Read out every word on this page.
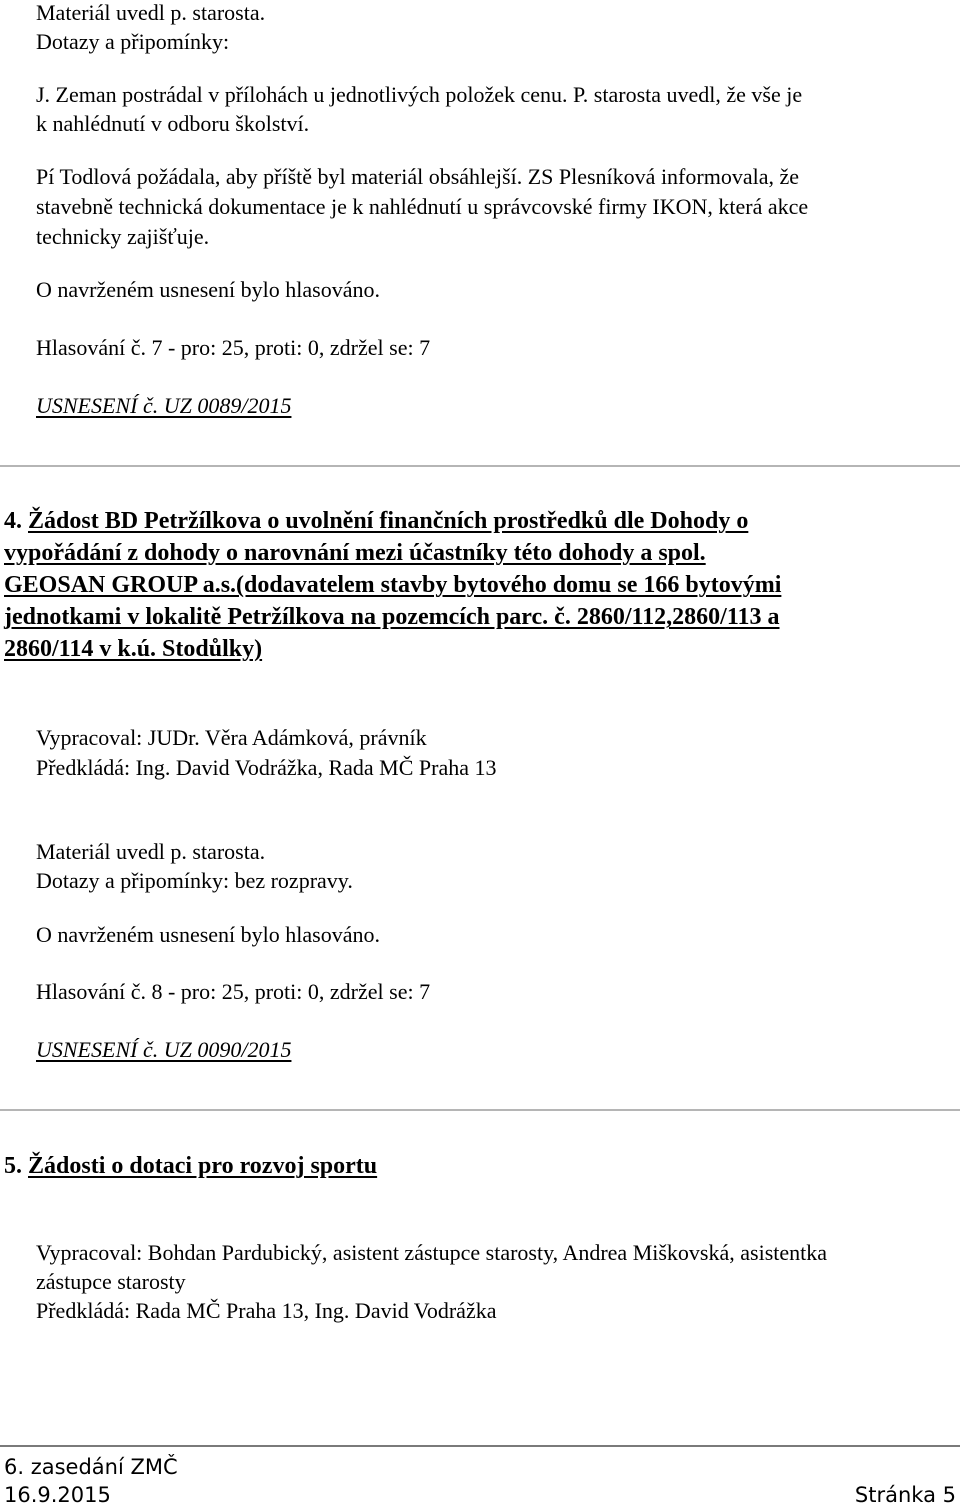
Materiál uvedl p. starosta.
Dotazy a připomínky:
J. Zeman postrádal v přílohách u jednotlivých položek cenu. P. starosta uvedl, že vše je
k nahlédnutí v odboru školství.
Pí Todlová požádala, aby příště byl materiál obsáhlejší. ZS Plesníková informovala, že
stavebně technická dokumentace je k nahlédnutí u správcovské firmy IKON, která akce
technicky zajišťuje.
O navrženém usnesení bylo hlasováno.
Hlasování č. 7 - pro: 25, proti: 0, zdržel se: 7
USNESENÍ č. UZ 0089/2015
4. Žádost BD Petržílkova o uvolnění finančních prostředků dle Dohody o
vypořádání z dohody o narovnání mezi účastníky této dohody a spol.
GEOSAN GROUP a.s.(dodavatelem stavby bytového domu se 166 bytovými
jednotkami v lokalitě Petržílkova na pozemcích parc. č. 2860/112,2860/113 a
2860/114 v k.ú. Stodůlky)
Vypracoval: JUDr. Věra Adámková, právník
Předkládá: Ing. David Vodrážka, Rada MČ Praha 13
Materiál uvedl p. starosta.
Dotazy a připomínky: bez rozpravy.
O navrženém usnesení bylo hlasováno.
Hlasování č. 8 - pro: 25, proti: 0, zdržel se: 7
USNESENÍ č. UZ 0090/2015
5. Žádosti o dotaci pro rozvoj sportu
Vypracoval: Bohdan Pardubický, asistent zástupce starosty, Andrea Miškovská, asistentka
zástupce starosty
Předkládá: Rada MČ Praha 13, Ing. David Vodrážka
6. zasedání ZMČ
16.9.2015	Stránka 5
